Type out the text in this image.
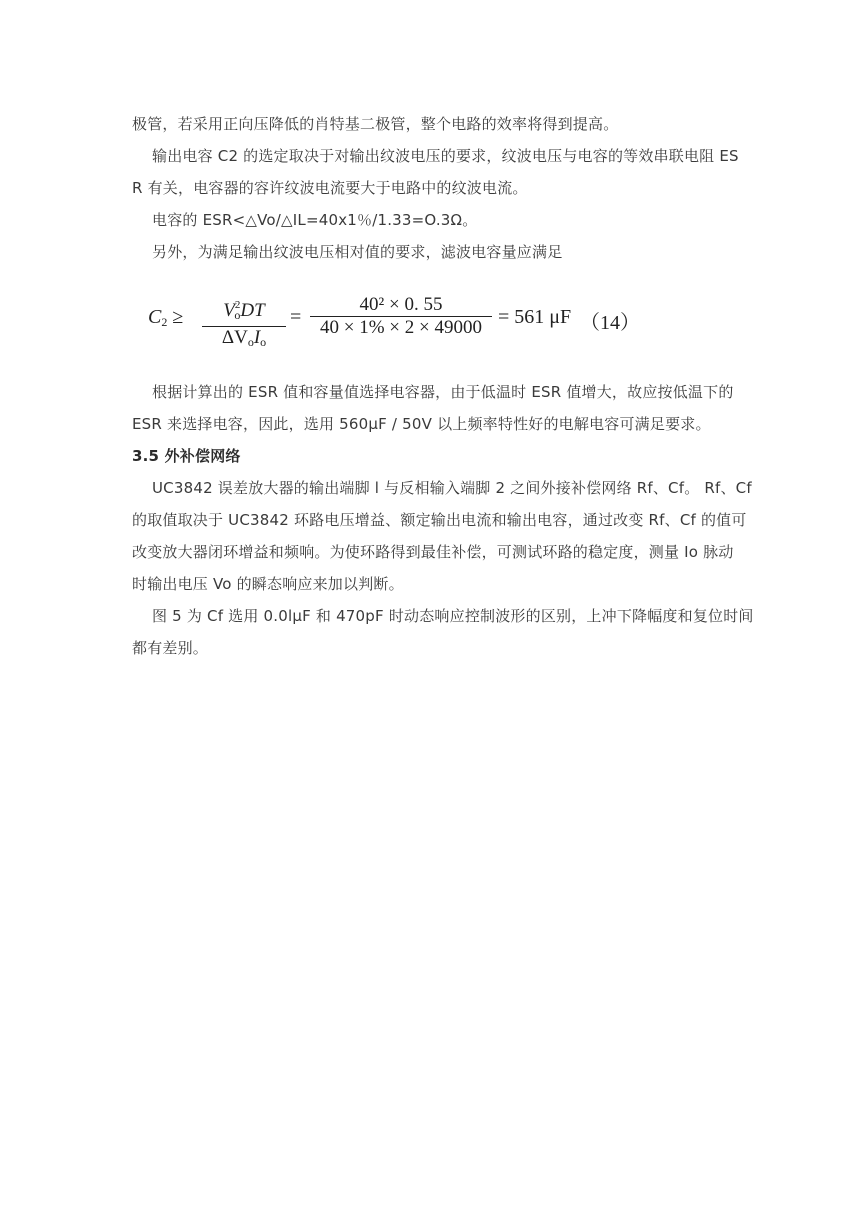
极管，若采用正向压降低的肖特基二极管，整个电路的效率将得到提高。
输出电容 C2 的选定取决于对输出纹波电压的要求，纹波电压与电容的等效串联电阻 ES
R 有关，电容器的容许纹波电流要大于电路中的纹波电流。
电容的 ESR<△Vo/△IL=40x1％/1.33=O.3Ω。
另外，为满足输出纹波电压相对值的要求，滤波电容量应满足
$C_2$ ≥	$V^2_oDT$
$\Delta V_oI_o$
= $\frac{\text{40² × 0. 55}}{40 \times 1\% \times 2 \times 49000} = 561$ μF （14）
根据计算出的 ESR 值和容量值选择电容器，由于低温时 ESR 值增大，故应按低温下的
ESR 来选择电容，因此，选用 560μF / 50V 以上频率特性好的电解电容可满足要求。
3.5 外补偿网络
UC3842 误差放大器的输出端脚 l 与反相输入端脚 2 之间外接补偿网络 Rf、Cf。 Rf、Cf
的取值取决于 UC3842 环路电压增益、额定输出电流和输出电容，通过改变 Rf、Cf 的值可
改变放大器闭环增益和频响。为使环路得到最佳补偿，可测试环路的稳定度，测量 Io 脉动
时输出电压 Vo 的瞬态响应来加以判断。
图 5 为 Cf 选用 0.0lμF 和 470pF 时动态响应控制波形的区别，上冲下降幅度和复位时间
都有差别。
